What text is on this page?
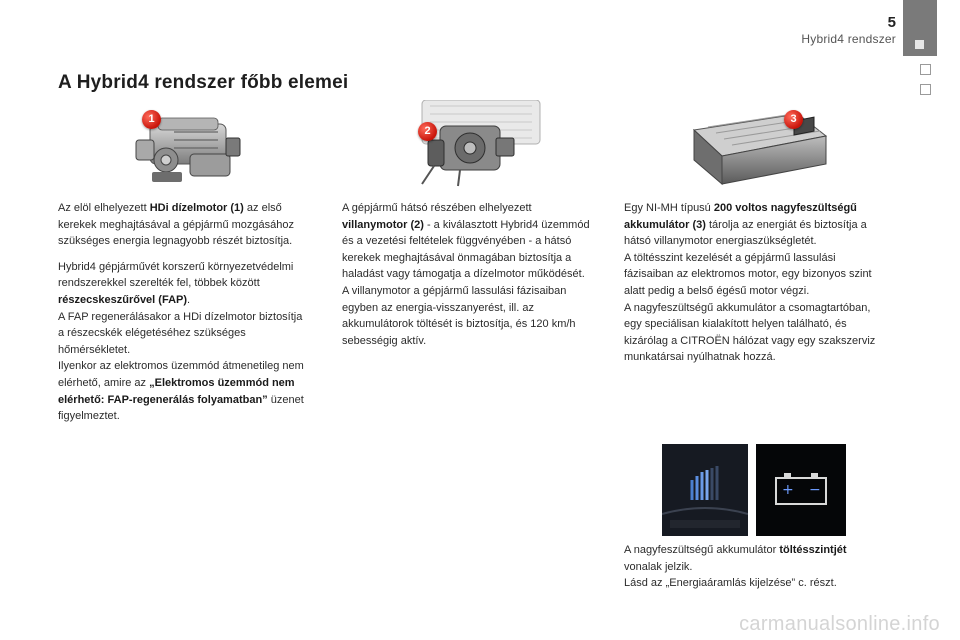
5
Hybrid4 rendszer
A Hybrid4 rendszer főbb elemei
1
2
3

Az elöl elhelyezett HDi dízelmotor (1) az első kerekek meghajtásával a gépjármű mozgásához szükséges energia legnagyobb részét biztosítja.

Hybrid4 gépjárművét korszerű környezetvédelmi rendszerekkel szerelték fel, többek között részecskeszűrővel (FAP).
A FAP regenerálásakor a HDi dízelmotor biztosítja a részecskék elégetéséhez szükséges hőmérsékletet.
Ilyenkor az elektromos üzemmód átmenetileg nem elérhető, amire az „Elektromos üzemmód nem elérhető: FAP-regenerálás folyamatban” üzenet figyelmeztet.

A gépjármű hátsó részében elhelyezett villanymotor (2) - a kiválasztott Hybrid4 üzemmód és a vezetési feltételek függvényében - a hátsó kerekek meghajtásával önmagában biztosítja a haladást vagy támogatja a dízelmotor működését.
A villanymotor a gépjármű lassulási fázisaiban egyben az energia-visszanyerést, ill. az akkumulátorok töltését is biztosítja, és 120 km/h sebességig aktív.

Egy NI-MH típusú 200 voltos nagyfeszültségű akkumulátor (3) tárolja az energiát és biztosítja a hátsó villanymotor energiaszükségletét.
A töltésszint kezelését a gépjármű lassulási fázisaiban az elektromos motor, egy bizonyos szint alatt pedig a belső égésű motor végzi.
A nagyfeszültségű akkumulátor a csomagtartóban, egy speciálisan kialakított helyen található, és kizárólag a CITROËN hálózat vagy egy szakszerviz munkatársai nyúlhatnak hozzá.

+ −

A nagyfeszültségű akkumulátor töltésszintjét vonalak jelzik.
Lásd az „Energiaáramlás kijelzése” c. részt.

carmanualsonline.info
